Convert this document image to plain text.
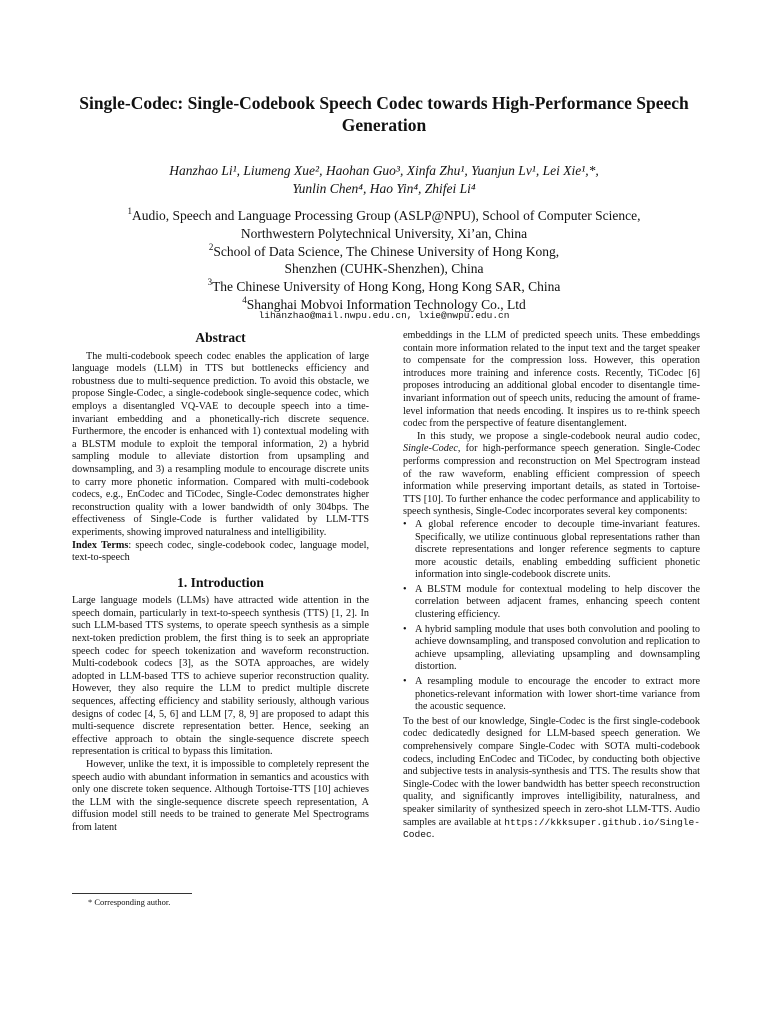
Single-Codec: Single-Codebook Speech Codec towards High-Performance Speech Generation
Hanzhao Li¹, Liumeng Xue², Haohan Guo³, Xinfa Zhu¹, Yuanjun Lv¹, Lei Xie¹,*,
Yunlin Chen⁴, Hao Yin⁴, Zhifei Li⁴
$^1$Audio, Speech and Language Processing Group (ASLP@NPU), School of Computer Science,
Northwestern Polytechnical University, Xi’an, China
$^2$School of Data Science, The Chinese University of Hong Kong,
Shenzhen (CUHK-Shenzhen), China
$^3$The Chinese University of Hong Kong, Hong Kong SAR, China
$^4$Shanghai Mobvoi Information Technology Co., Ltd
lihanzhao@mail.nwpu.edu.cn, lxie@nwpu.edu.cn
Abstract

The multi-codebook speech codec enables the application of large language models (LLM) in TTS but bottlenecks efficiency and robustness due to multi-sequence prediction. To avoid this obstacle, we propose Single-Codec, a single-codebook single-sequence codec, which employs a disentangled VQ-VAE to decouple speech into a time-invariant embedding and a phonetically-rich discrete sequence. Furthermore, the encoder is enhanced with 1) contextual modeling with a BLSTM module to exploit the temporal information, 2) a hybrid sampling module to alleviate distortion from upsampling and downsampling, and 3) a resampling module to encourage discrete units to carry more phonetic information. Compared with multi-codebook codecs, e.g., EnCodec and TiCodec, Single-Codec demonstrates higher reconstruction quality with a lower bandwidth of only 304bps. The effectiveness of Single-Code is further validated by LLM-TTS experiments, showing improved naturalness and intelligibility.

Index Terms: speech codec, single-codebook codec, language model, text-to-speech

1. Introduction

Large language models (LLMs) have attracted wide attention in the speech domain, particularly in text-to-speech synthesis (TTS) [1, 2]. In such LLM-based TTS systems, to operate speech synthesis as a simple next-token prediction problem, the first thing is to seek an appropriate speech codec for speech tokenization and waveform reconstruction. Multi-codebook codecs [3], as the SOTA approaches, are widely adopted in LLM-based TTS to achieve superior reconstruction quality. However, they also require the LLM to predict multiple discrete sequences, affecting efficiency and stability seriously, although various designs of codec [4, 5, 6] and LLM [7, 8, 9] are proposed to adapt this multi-sequence discrete representation better. Hence, seeking an effective approach to obtain the single-sequence discrete speech representation is critical to bypass this limitation.

However, unlike the text, it is impossible to completely represent the speech audio with abundant information in semantics and acoustics with only one discrete token sequence. Although Tortoise-TTS [10] achieves the LLM with the single-sequence discrete speech representation, A diffusion model still needs to be trained to generate Mel Spectrograms from latent

* Corresponding author.

embeddings in the LLM of predicted speech units. These embeddings contain more information related to the input text and the target speaker to compensate for the compression loss. However, this operation introduces more training and inference costs. Recently, TiCodec [6] proposes introducing an additional global encoder to disentangle time-invariant information out of speech units, reducing the amount of frame-level information that needs encoding. It inspires us to re-think speech codec from the perspective of feature disentanglement.

In this study, we propose a single-codebook neural audio codec, Single-Codec, for high-performance speech generation. Single-Codec performs compression and reconstruction on Mel Spectrogram instead of the raw waveform, enabling efficient compression of speech information while preserving important details, as stated in Tortoise-TTS [10]. To further enhance the codec performance and applicability to speech synthesis, Single-Codec incorporates several key components:

• A global reference encoder to decouple time-invariant features. Specifically, we utilize continuous global representations rather than discrete representations and longer reference segments to capture more acoustic details, enabling embedding sufficient phonetic information into single-codebook discrete units.
• A BLSTM module for contextual modeling to help discover the correlation between adjacent frames, enhancing speech content clustering efficiency.
• A hybrid sampling module that uses both convolution and pooling to achieve downsampling, and transposed convolution and replication to achieve upsampling, alleviating upsampling and downsampling distortion.
• A resampling module to encourage the encoder to extract more phonetics-relevant information with lower short-time variance from the acoustic sequence.

To the best of our knowledge, Single-Codec is the first single-codebook codec dedicatedly designed for LLM-based speech generation. We comprehensively compare Single-Codec with SOTA multi-codebook codecs, including EnCodec and TiCodec, by conducting both objective and subjective tests in analysis-synthesis and TTS. The results show that Single-Codec with the lower bandwidth has better speech reconstruction quality, and significantly improves intelligibility, naturalness, and speaker similarity of synthesized speech in zero-shot LLM-TTS. Audio samples are available at https://kkksuper.github.io/Single-Codec.
